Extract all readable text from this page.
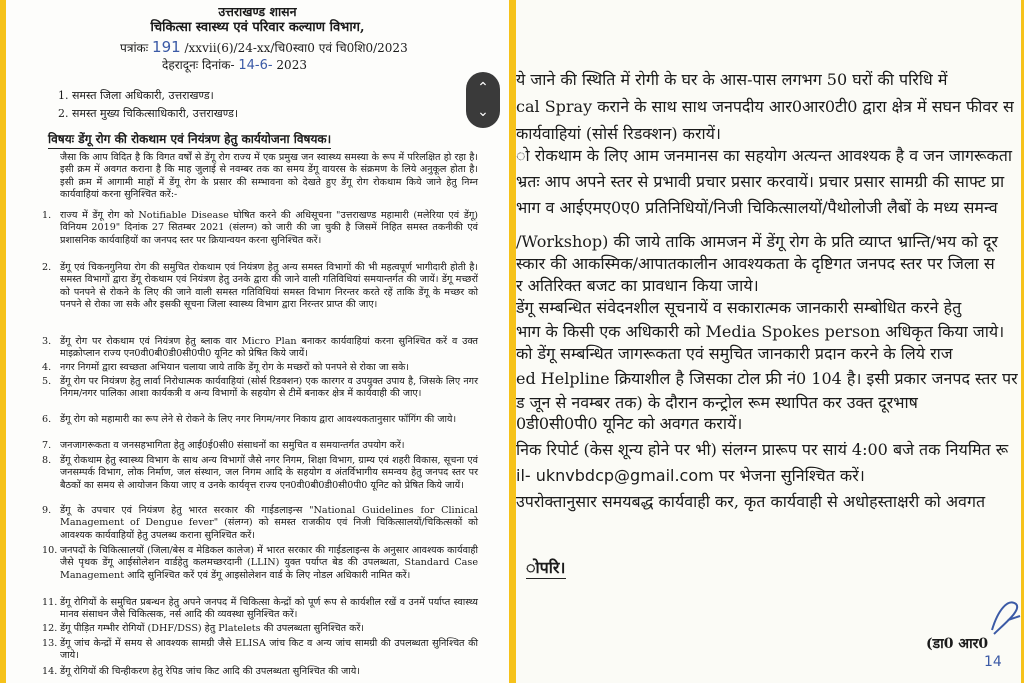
उत्तराखण्ड शासन
चिकित्सा स्वास्थ्य एवं परिवार कल्याण विभाग,
पत्रांकः 191 /xxvii(6)/24-xx/चि0स्वा0 एवं चि0शि0/2023
देहरादूनः दिनांक- 14-6- 2023
1. समस्त जिला अधिकारी, उत्तराखण्ड।
2. समस्त मुख्य चिकित्साधिकारी, उत्तराखण्ड।
विषयः डेंगू रोग की रोकथाम एवं नियंत्रण हेतु कार्ययोजना विषयक।
जैसा कि आप विदित है कि विगत वर्षों से डेंगू रोग राज्य में एक प्रमुख जन स्वास्थ्य समस्या के रूप में परिलक्षित हो रहा है। इसी क्रम में अवगत कराना है कि माह जुलाई से नवम्बर तक का समय डेंगू वायरस के संक्रमण के लिये अनुकूल होता है। इसी क्रम में आगामी माहों में डेंगू रोग के प्रसार की सम्भावना को देखते हुए डेंगू रोग रोकथाम किये जाने हेतु निम्न कार्यवाहियां करना सुनिश्चित करें:-
1. राज्य में डेंगू रोग को Notifiable Disease घोषित करने की अधिसूचना "उत्तराखण्ड महामारी (मलेरिया एवं डेंगू) विनियम 2019" दिनांक 27 सितम्बर 2021 (संलग्न) को जारी की जा चुकी है जिसमें निहित समस्त तकनीकी एवं प्रशासनिक कार्यवाहियों का जनपद स्तर पर क्रियान्वयन करना सुनिश्चित करें।
2. डेंगू एवं चिकनगुनिया रोग की समुचित रोकथाम एवं नियंत्रण हेतु अन्य समस्त विभागों की भी महत्वपूर्ण भागीदारी होती है। समस्त विभागों द्वारा डेंगू रोकथाम एवं नियंत्रण हेतु उनके द्वारा की जाने वाली गतिविधियां समयान्तर्गत की जायें। डेंगू मच्छरों को पनपने से रोकने के लिए की जाने वाली समस्त गतिविधियां समस्त विभाग निरन्तर करते रहें ताकि डेंगू के मच्छर को पनपने से रोका जा सके और इसकी सूचना जिला स्वास्थ्य विभाग द्वारा निरन्तर प्राप्त की जाए।
3. डेंगू रोग पर रोकथाम एवं नियंत्रण हेतु ब्लाक वार Micro Plan बनाकर कार्यवाहियां करना सुनिश्चित करें व उक्त माइक्रोप्लान राज्य एन0वी0बी0डी0सी0पी0 यूनिट को प्रेषित किये जायें।
4. नगर निगमों द्वारा स्वच्छता अभियान चलाया जाये ताकि डेंगू रोग के मच्छरों को पनपने से रोका जा सके।
5. डेंगू रोग पर नियंत्रण हेतु लार्वा निरोधात्मक कार्यवाहियां (सोर्स रिडक्शन) एक कारगर व उपयुक्त उपाय है, जिसके लिए नगर निगम/नगर पालिका आशा कार्यकत्री व अन्य विभागों के सहयोग से टीमें बनाकर क्षेत्र में कार्यवाही की जाए।
6. डेंगू रोग को महामारी का रूप लेने से रोकने के लिए नगर निगम/नगर निकाय द्वारा आवश्यकतानुसार फॉगिंग की जाये।
7. जनजागरूकता व जनसहभागिता हेतु आई0ई0सी0 संसाधनों का समुचित व समयान्तर्गत उपयोग करें।
8. डेंगू रोकथाम हेतु स्वास्थ्य विभाग के साथ अन्य विभागों जैसे नगर निगम, शिक्षा विभाग, ग्राम्य एवं शहरी विकास, सूचना एवं जनसम्पर्क विभाग, लोक निर्माण, जल संस्थान, जल निगम आदि के सहयोग व अंतर्विभागीय समन्वय हेतु जनपद स्तर पर बैठकों का समय से आयोजन किया जाए व उनके कार्यवृत्त राज्य एन0वी0बी0डी0सी0पी0 यूनिट को प्रेषित किये जायें।
9. डेंगू के उपचार एवं नियंत्रण हेतु भारत सरकार की गाईडलाइन्स "National Guidelines for Clinical Management of Dengue fever" (संलग्न) को समस्त राजकीय एवं निजी चिकित्सालयों/चिकित्सकों को आवश्यक कार्यवाहियों हेतु उपलब्ध कराना सुनिश्चित करें।
10. जनपदों के चिकित्सालयों (जिला/बेस व मेडिकल कालेज) में भारत सरकार की गाईडलाइन्स के अनुसार आवश्यक कार्यवाही जैसे पृथक डेंगू आईसोलेशन वार्डहेतु कलमच्छरदानी (LLIN) युक्त पर्याप्त बेड की उपलब्धता, Standard Case Management आदि सुनिश्चित करें एवं डेंगू आइसोलेशन वार्ड के लिए नोडल अधिकारी नामित करें।
11. डेंगू रोगियों के समुचित प्रबन्धन हेतु अपने जनपद में चिकित्सा केन्द्रों को पूर्ण रूप से कार्यशील रखें व उनमें पर्याप्त स्वास्थ्य मानव संसाधन जैसे चिकित्सक, नर्स आदि की व्यवस्था सुनिश्चित करें।
12. डेंगू पीड़ित गम्भीर रोगियों (DHF/DSS) हेतु Platelets की उपलब्धता सुनिश्चित करें।
13. डेंगू जांच केन्द्रों में समय से आवश्यक सामग्री जैसे ELISA जांच किट व अन्य जांच सामग्री की उपलब्धता सुनिश्चित की जाये।
14. डेंगू रोगियों की चिन्हीकरण हेतु रेपिड जांच किट आदि की उपलब्धता सुनिश्चित की जाये।
⌃
⌄
ये जाने की स्थिति में रोगी के घर के आस-पास लगभग 50 घरों की परिधि में
cal Spray कराने के साथ साथ जनपदीय आर0आर0टी0 द्वारा क्षेत्र में सघन फीवर स
कार्यवाहियां (सोर्स रिडक्शन) करायें।
ो रोकथाम के लिए आम जनमानस का सहयोग अत्यन्त आवश्यक है व जन जागरूकता
भ्रतः आप अपने स्तर से प्रभावी प्रचार प्रसार करवायें। प्रचार प्रसार सामग्री की साफ्ट प्रा
भाग व आईएमए0ए0 प्रतिनिधियों/निजी चिकित्सालयों/पैथोलोजी लैबों के मध्य समन्व
/Workshop) की जाये ताकि आमजन में डेंगू रोग के प्रति व्याप्त भ्रान्ति/भय को दूर
स्कार की आकस्मिक/आपातकालीन आवश्यकता के दृष्टिगत जनपद स्तर पर जिला स
र अतिरिक्त बजट का प्रावधान किया जाये।
डेंगू सम्बन्धित संवेदनशील सूचनायें व सकारात्मक जानकारी सम्बोधित करने हेतु
भाग के किसी एक अधिकारी को Media Spokes person अधिकृत किया जाये।
को डेंगू सम्बन्धित जागरूकता एवं समुचित जानकारी प्रदान करने के लिये राज
ed Helpline क्रियाशील है जिसका टोल फ्री नं0 104 है। इसी प्रकार जनपद स्तर पर
ड जून से नवम्बर तक) के दौरान कन्ट्रोल रूम स्थापित कर उक्त दूरभाष
0डी0सी0पी0 यूनिट को अवगत करायें।
निक रिपोर्ट (केस शून्य होने पर भी) संलग्न प्रारूप पर सायं 4:00 बजे तक नियमित रू
il- uknvbdcp@gmail.com पर भेजना सुनिश्चित करें।
उपरोक्तानुसार समयबद्ध कार्यवाही कर, कृत कार्यवाही से अधोहस्ताक्षरी को अवगत
ोपरि।
(डा0 आर0
14
